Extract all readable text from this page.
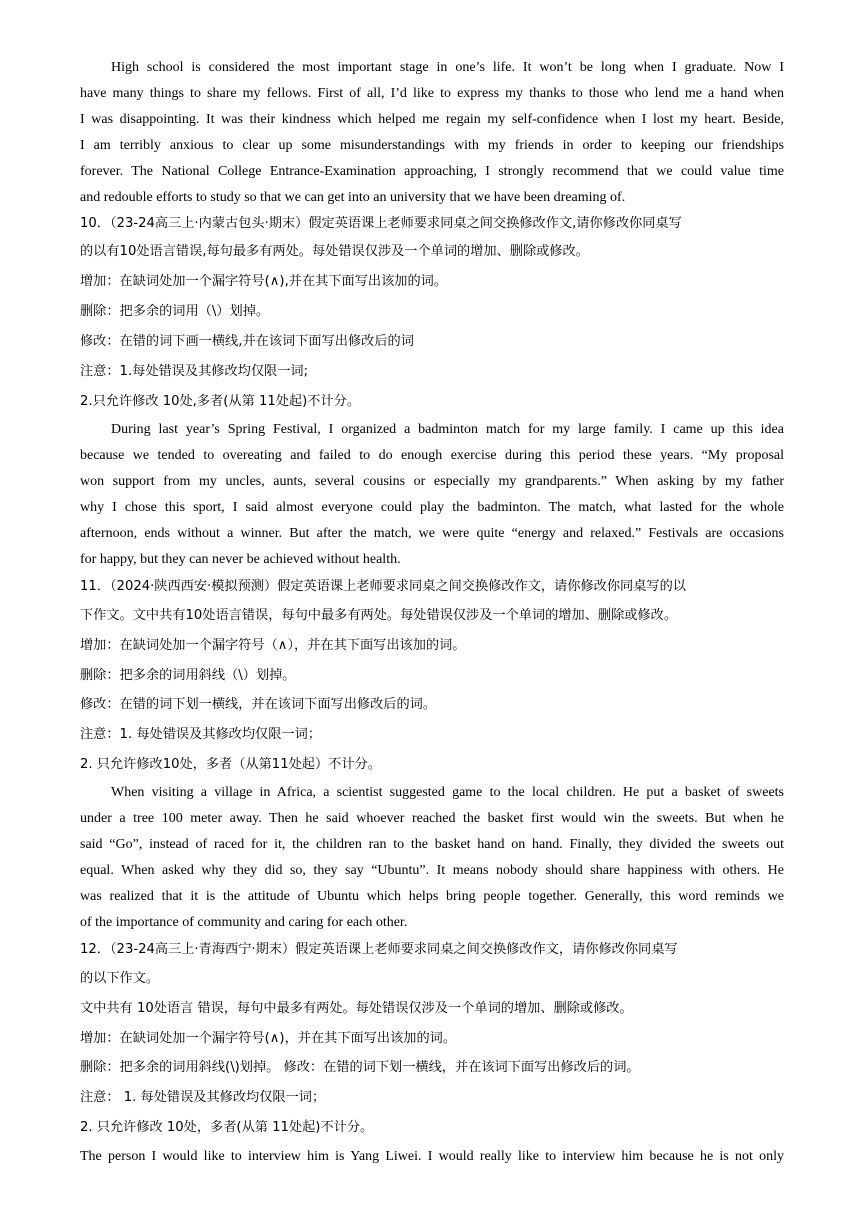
High school is considered the most important stage in one’s life. It won’t be long when I graduate. Now I
have many things to share my fellows. First of all, I’d like to express my thanks to those who lend me a hand when
I was disappointing. It was their kindness which helped me regain my self-confidence when I lost my heart. Beside,
I am terribly anxious to clear up some misunderstandings with my friends in order to keeping our friendships
forever. The National College Entrance-Examination approaching, I strongly recommend that we could value time
and redouble efforts to study so that we can get into an university that we have been dreaming of.
10．（23-24高三上·内蒙古包头·期末）假定英语课上老师要求同桌之间交换修改作文,请你修改你同桌写
的以有10处语言错误,每句最多有两处。每处错误仅涉及一个单词的增加、删除或修改。
增加：在缺词处加一个漏字符号(∧),并在其下面写出该加的词。
删除：把多余的词用（\）划掉。
修改：在错的词下画一横线,并在该词下面写出修改后的词
注意：1.每处错误及其修改均仅限一词;
2.只允许修改 10处,多者(从第 11处起)不计分。
During last year’s Spring Festival, I organized a badminton match for my large family. I came up this idea
because we tended to overeating and failed to do enough exercise during this period these years. “My proposal
won support from my uncles, aunts, several cousins or especially my grandparents.” When asking by my father
why I chose this sport, I said almost everyone could play the badminton. The match, what lasted for the whole
afternoon, ends without a winner. But after the match, we were quite “energy and relaxed.” Festivals are occasions
for happy, but they can never be achieved without health.
11．（2024·陕西西安·模拟预测）假定英语课上老师要求同桌之间交换修改作文，请你修改你同桌写的以
下作文。文中共有10处语言错误，每句中最多有两处。每处错误仅涉及一个单词的增加、删除或修改。
增加：在缺词处加一个漏字符号（∧），并在其下面写出该加的词。
删除：把多余的词用斜线（\）划掉。
修改：在错的词下划一横线，并在该词下面写出修改后的词。
注意：1. 每处错误及其修改均仅限一词；
2. 只允许修改10处，多者（从第11处起）不计分。
When visiting a village in Africa, a scientist suggested game to the local children. He put a basket of sweets
under a tree 100 meter away. Then he said whoever reached the basket first would win the sweets. But when he
said “Go”, instead of raced for it, the children ran to the basket hand on hand. Finally, they divided the sweets out
equal. When asked why they did so, they say “Ubuntu”. It means nobody should share happiness with others. He
was realized that it is the attitude of Ubuntu which helps bring people together. Generally, this word reminds we
of the importance of community and caring for each other.
12．（23-24高三上·青海西宁·期末）假定英语课上老师要求同桌之间交换修改作文，请你修改你同桌写
的以下作文。
文中共有 10处语言 错误，每句中最多有两处。每处错误仅涉及一个单词的增加、删除或修改。
增加：在缺词处加一个漏字符号(∧)，并在其下面写出该加的词。
删除：把多余的词用斜线(\)划掉。 修改：在错的词下划一横线，并在该词下面写出修改后的词。
注意： 1. 每处错误及其修改均仅限一词；
2. 只允许修改 10处，多者(从第 11处起)不计分。
The person I would like to interview him is Yang Liwei. I would really like to interview him because he is not only
